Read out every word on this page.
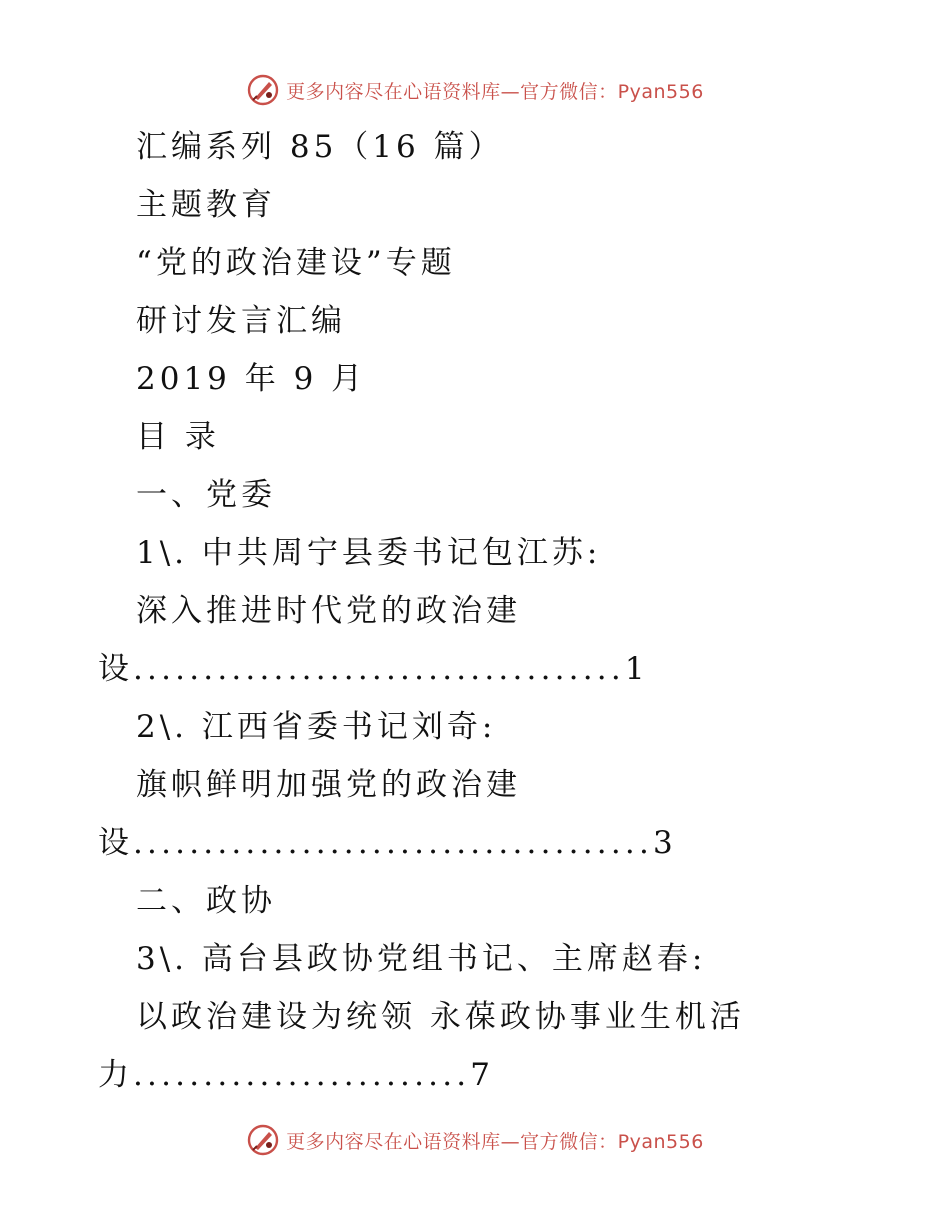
更多内容尽在心语资料库—官方微信：Pyan556
汇编系列 85（16 篇）
主题教育
“党的政治建设”专题
研讨发言汇编
2019 年 9 月
目 录
一、党委
1\. 中共周宁县委书记包江苏:
深入推进时代党的政治建
设 ................................... 1
2\. 江西省委书记刘奇:
旗帜鲜明加强党的政治建
设 ..................................... 3
二、政协
3\. 高台县政协党组书记、主席赵春:
以政治建设为统领 永葆政协事业生机活
力 ........................ 7
更多内容尽在心语资料库—官方微信：Pyan556
